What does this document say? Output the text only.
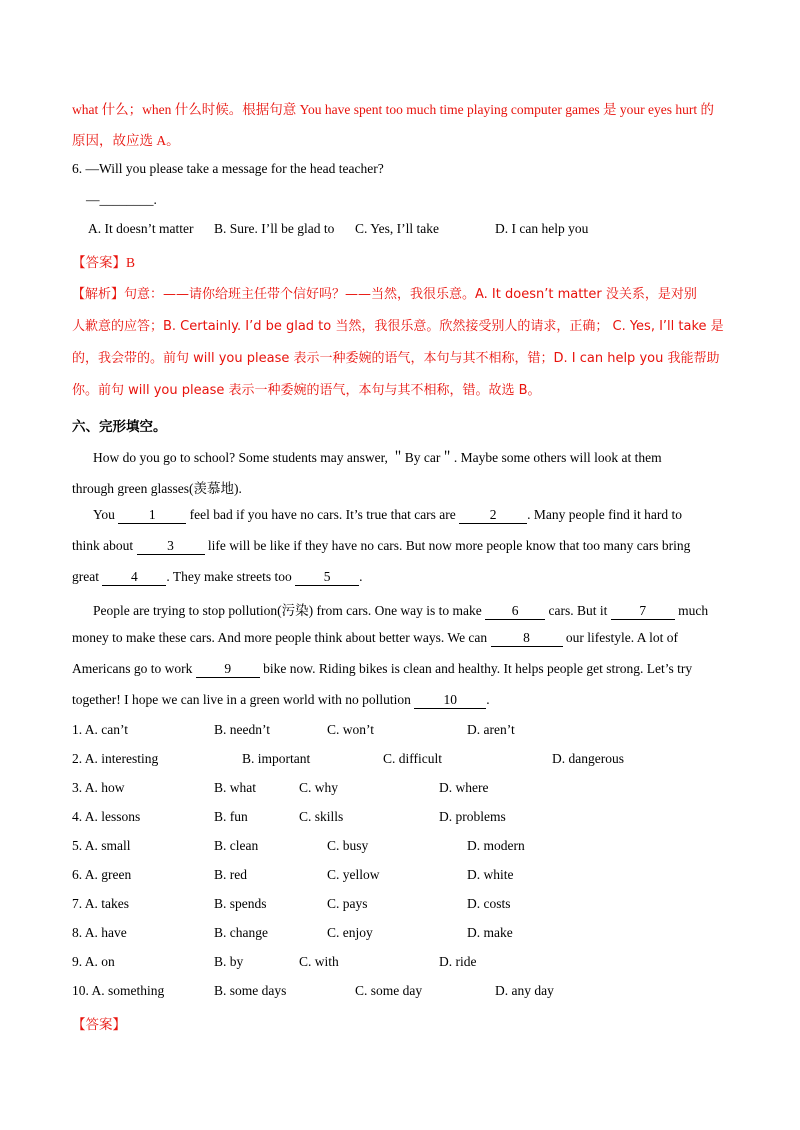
what 什么；when 什么时候。根据句意 You have spent too much time playing computer games 是 your eyes hurt 的
原因，故应选 A。
6. —Will you please take a message for the head teacher?
—________.
A. It doesn’t matter B. Sure. I’ll be glad to C. Yes, I’ll take	D. I can help you
【答案】B
【解析】句意：——请你给班主任带个信好吗？——当然，我很乐意。A. It doesn’t matter 没关系，是对别
人歉意的应答；B. Certainly. I’d be glad to 当然，我很乐意。欣然接受别人的请求，正确； C. Yes, I’ll take 是
的，我会带的。前句 will you please 表示一种委婉的语气，本句与其不相称，错；D. I can help you 我能帮助
你。前句 will you please 表示一种委婉的语气，本句与其不相称，错。故选 B。
六、完形填空。
How do you go to school? Some students may answer, ＂By car＂. Maybe some others will look at them
through green glasses(羡慕地).
You 1 feel bad if you have no cars. It’s true that cars are 2 . Many people find it hard to
think about 3 life will be like if they have no cars. But now more people know that too many cars bring
great 4 . They make streets too 5 .
People are trying to stop pollution(污染) from cars. One way is to make 6 cars. But it 7 much
money to make these cars. And more people think about better ways. We can 8 our lifestyle. A lot of
Americans go to work 9 bike now. Riding bikes is clean and healthy. It helps people get strong. Let’s try
together! I hope we can live in a green world with no pollution 10 .
1. A. can’t	B. needn’t	C. won’t	D. aren’t
2. A. interesting	B. important	C. difficult	D. dangerous
3. A. how	B. what	C. why	D. where
4. A. lessons	B. fun	C. skills	D. problems
5. A. small	B. clean	C. busy	D. modern
6. A. green	B. red	C. yellow	D. white
7. A. takes	B. spends	C. pays	D. costs
8. A. have	B. change	C. enjoy	D. make
9. A. on	B. by	C. with	D. ride
10. A. something	B. some days	C. some day	D. any day
【答案】
